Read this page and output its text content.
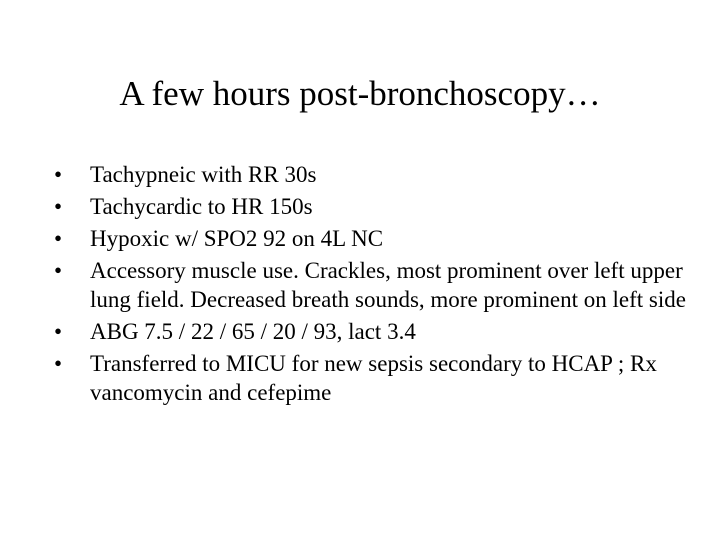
A few hours post-bronchoscopy…
• Tachypneic with RR 30s
• Tachycardic to HR 150s
• Hypoxic w/ SPO2 92 on 4L NC
• Accessory muscle use. Crackles, most prominent over left upper lung field. Decreased breath sounds, more prominent on left side
• ABG 7.5 / 22 / 65 / 20 / 93, lact 3.4
• Transferred to MICU for new sepsis secondary to HCAP ; Rx vancomycin and cefepime
